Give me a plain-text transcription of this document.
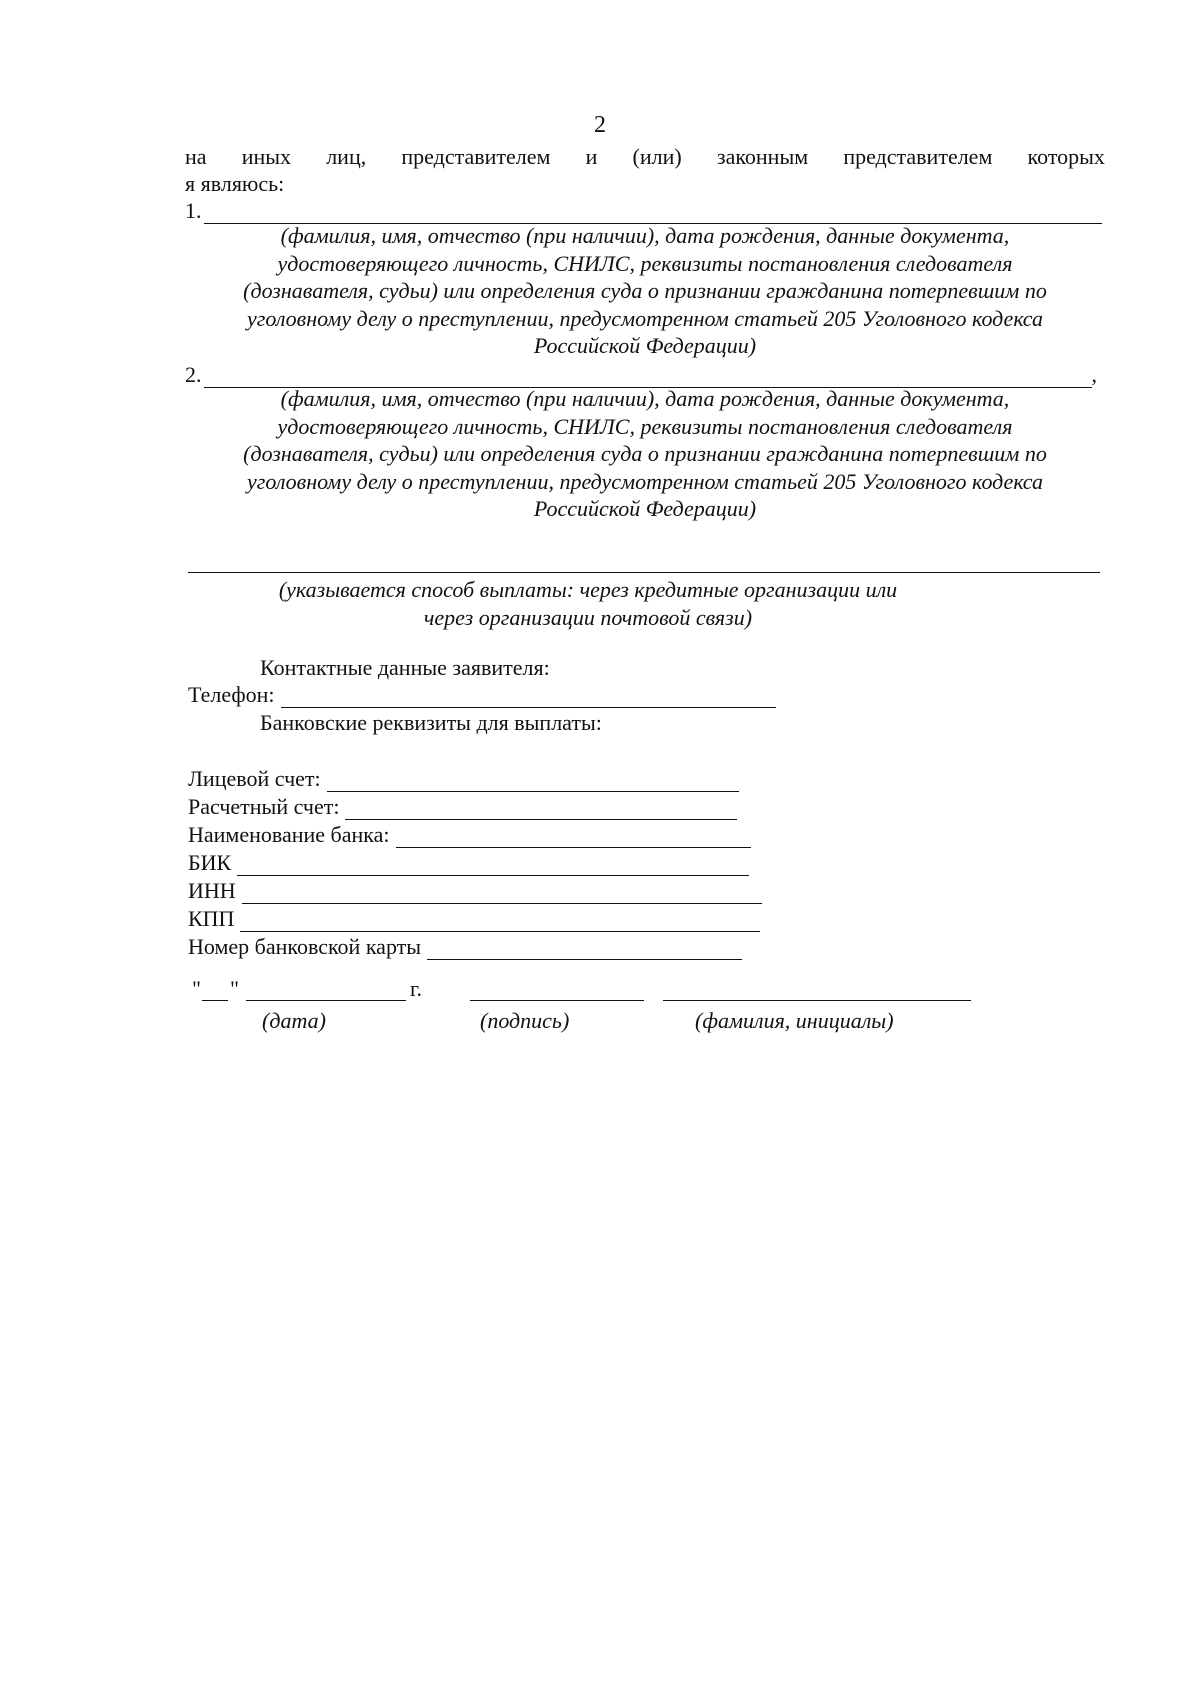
2
на иных лиц, представителем и (или) законным представителем которых
я являюсь:
1.
(фамилия, имя, отчество (при наличии), дата рождения, данные документа,
удостоверяющего личность, СНИЛС, реквизиты постановления следователя
(дознавателя, судьи) или определения суда о признании гражданина потерпевшим по
уголовному делу о преступлении, предусмотренном статьей 205 Уголовного кодекса
Российской Федерации)
2.	,
(фамилия, имя, отчество (при наличии), дата рождения, данные документа,
удостоверяющего личность, СНИЛС, реквизиты постановления следователя
(дознавателя, судьи) или определения суда о признании гражданина потерпевшим по
уголовному делу о преступлении, предусмотренном статьей 205 Уголовного кодекса
Российской Федерации)
(указывается способ выплаты: через кредитные организации или
через организации почтовой связи)
Контактные данные заявителя:
Телефон:
Банковские реквизиты для выплаты:
Лицевой счет:
Расчетный счет:
Наименование банка:
БИК
ИНН
КПП
Номер банковской карты
" "	г.
(дата)	(подпись)	(фамилия, инициалы)
